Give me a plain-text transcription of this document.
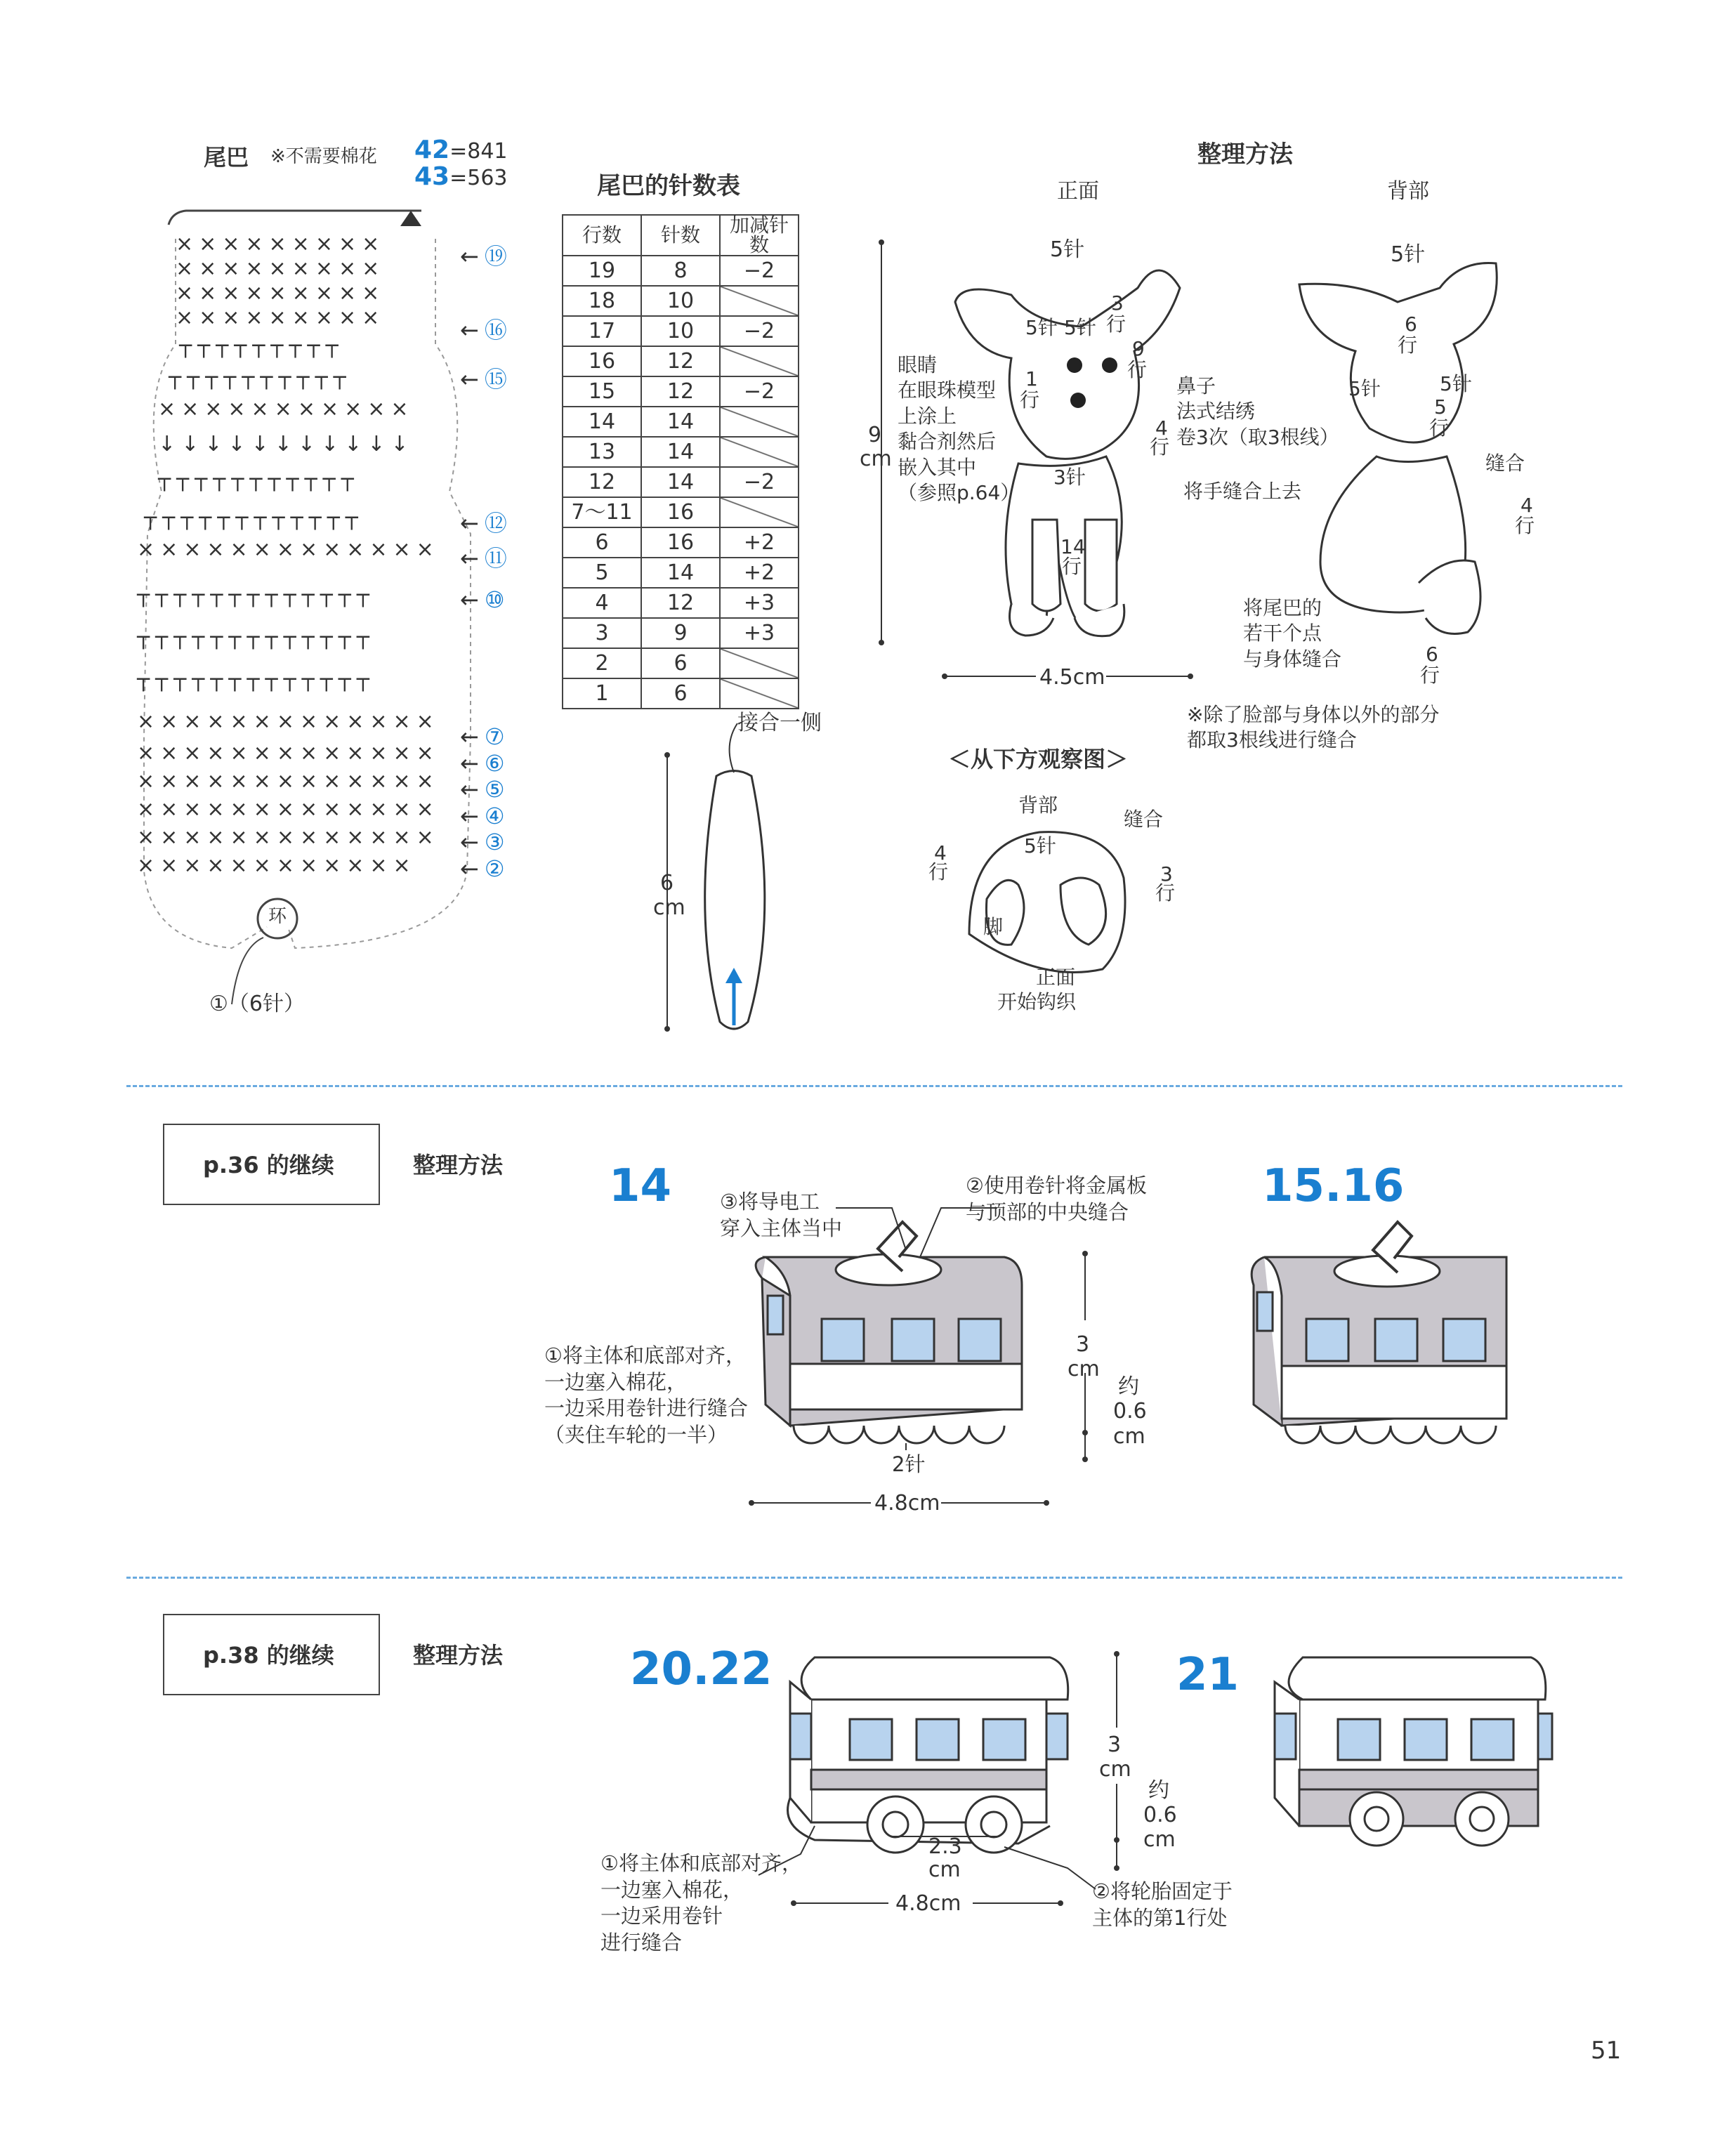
尾巴 ※不需要棉花 42=841
43=563
环
①（6针）
×××××××××
×××××××××
×××××××××
×××××××××
┬┬┬┬┬┬┬┬┬
┬┬┬┬┬┬┬┬┬┬
×××××××××××
↓↓↓↓↓↓↓↓↓↓↓
┬┬┬┬┬┬┬┬┬┬┬
┬┬┬┬┬┬┬┬┬┬┬┬
×××××××××××××
┬┬┬┬┬┬┬┬┬┬┬┬┬
┬┬┬┬┬┬┬┬┬┬┬┬┬
┬┬┬┬┬┬┬┬┬┬┬┬┬
×××××××××××××
×××××××××××××
×××××××××××××
×××××××××××××
×××××××××××××
××××××××××××
← ⑲
← ⑯
← ⑮
← ⑫
← ⑪
← ⑩
← ⑦
← ⑥
← ⑤
← ④
← ③
← ②
尾巴的针数表
行数	针数	加减针数
19	8	−2
18	10	
17	10	−2
16	12	
15	12	−2
14	14	
13	14	
12	14	−2
7〜11	16	
6	16	+2
5	14	+2
4	12	+3
3	9	+3
2	6	
1	6	
接合一侧
6
cm
整理方法
正面	背部
5针
5针 5针
3
行
9
行
1
行
4
行
3针
14
行
眼睛
在眼珠模型
上涂上
黏合剂然后
嵌入其中
（参照p.64）
鼻子
法式结绣
卷3次（取3根线）
将手缝合上去
9
cm
4.5cm
5针
6
行
5针	5针
5
行
缝合
4
行
将尾巴的
若干个点
与身体缝合	6
行
※除了脸部与身体以外的部分
都取3根线进行缝合
＜从下方观察图＞
背部
缝合
5针
4
行	3
行
脚
正面
开始钩织
p.36 的继续	整理方法 14	15.16
①将主体和底部对齐，
一边塞入棉花，
一边采用卷针进行缝合
（夹住车轮的一半）
②使用卷针将金属板
与顶部的中央缝合
③将导电工
穿入主体当中
2针
3
cm
约
0.6
cm
4.8cm
p.38 的继续	整理方法	20.22	21
①将主体和底部对齐，
一边塞入棉花，
一边采用卷针
进行缝合
②将轮胎固定于
主体的第1行处
2.3
cm
3
cm
约
0.6
cm
4.8cm
51
